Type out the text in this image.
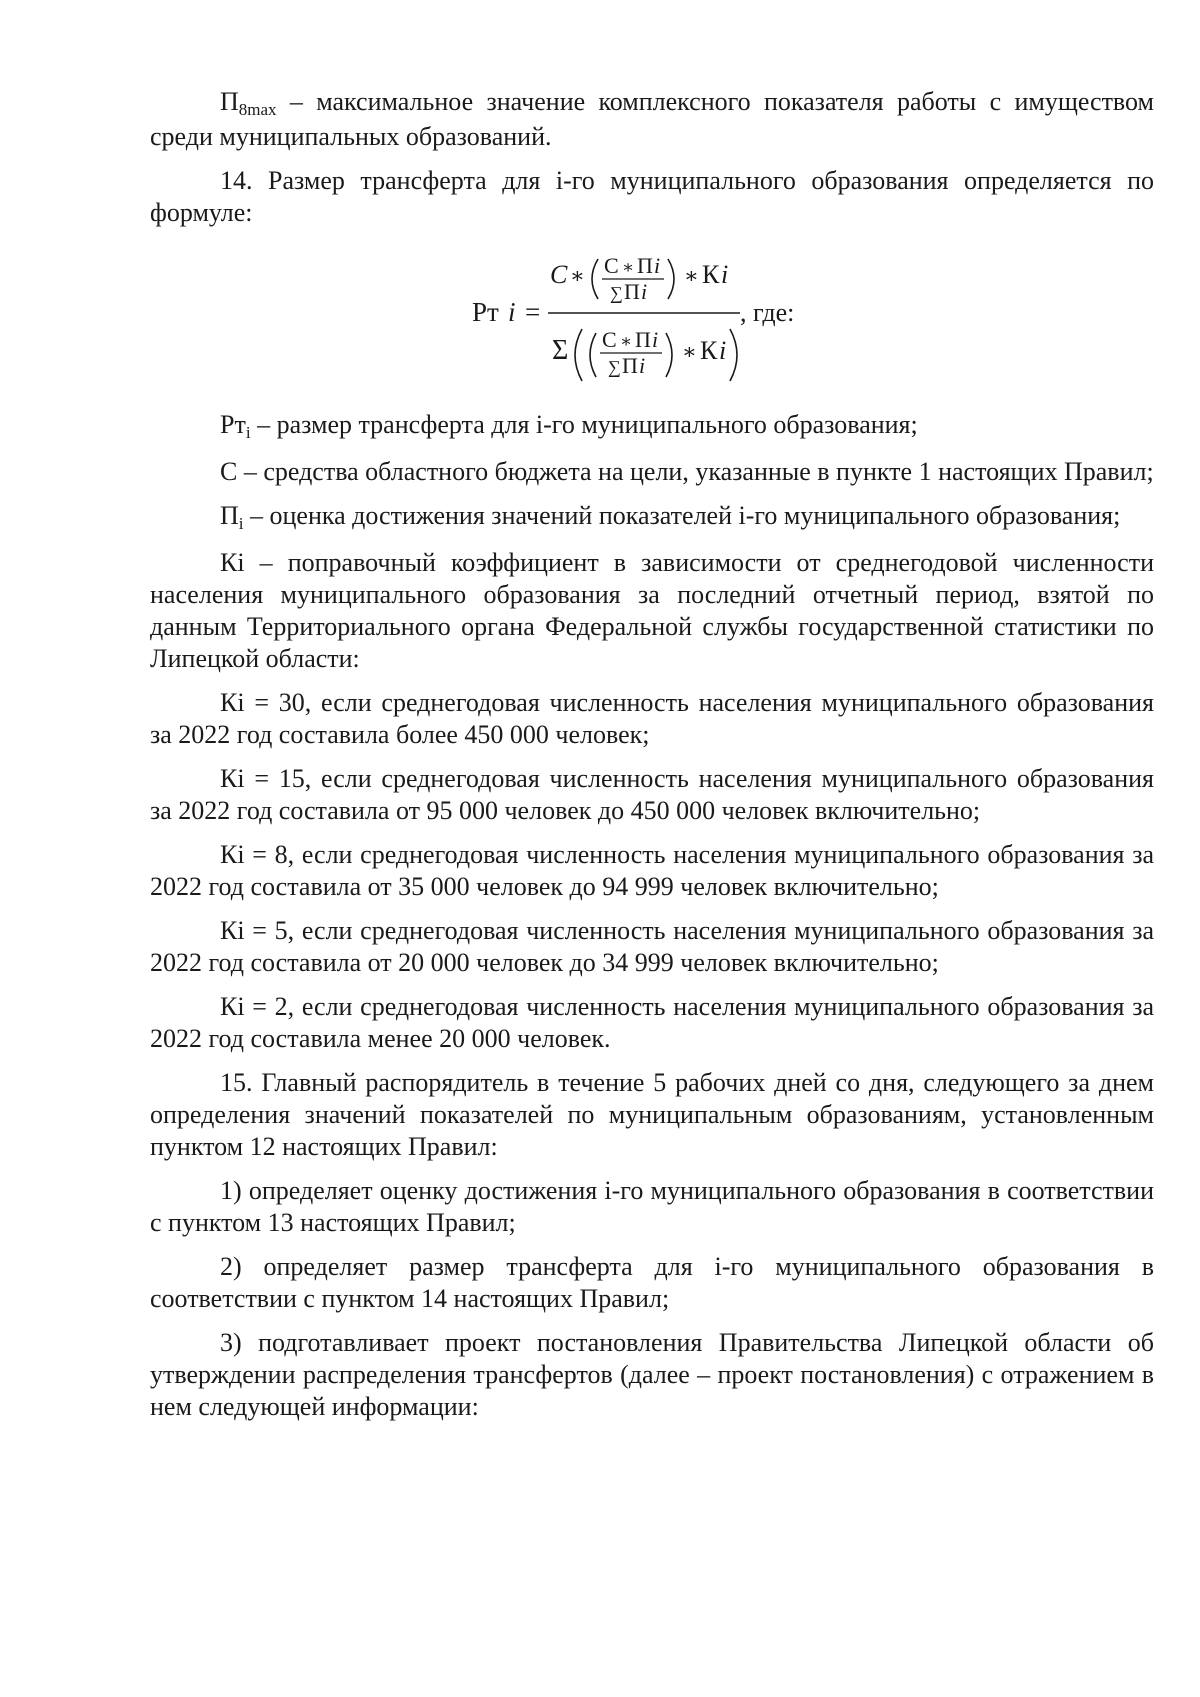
П8max – максимальное значение комплексного показателя работы с имуществом среди муниципальных образований.

14. Размер трансферта для i-го муниципального образования определяется по формуле:

Рт i =
C ∗ С ∗ П i
∑ П i
∗ К i
Σ С ∗ П i
∑ П i
∗ К i
, где:

Ртi – размер трансферта для i-го муниципального образования;

С – средства областного бюджета на цели, указанные в пункте 1 настоящих Правил;

Пi – оценка достижения значений показателей i-го муниципального образования;

Кi – поправочный коэффициент в зависимости от среднегодовой численности населения муниципального образования за последний отчетный период, взятой по данным Территориального органа Федеральной службы государственной статистики по Липецкой области:

Кi = 30, если среднегодовая численность населения муниципального образования за 2022 год составила более 450 000 человек;

Кi = 15, если среднегодовая численность населения муниципального образования за 2022 год составила от 95 000 человек до 450 000 человек включительно;

Кi = 8, если среднегодовая численность населения муниципального образования за 2022 год составила от 35 000 человек до 94 999 человек включительно;

Кi = 5, если среднегодовая численность населения муниципального образования за 2022 год составила от 20 000 человек до 34 999 человек включительно;

Кi = 2, если среднегодовая численность населения муниципального образования за 2022 год составила менее 20 000 человек.

15. Главный распорядитель в течение 5 рабочих дней со дня, следующего за днем определения значений показателей по муниципальным образованиям, установленным пунктом 12 настоящих Правил:

1) определяет оценку достижения i-го муниципального образования в соответствии с пунктом 13 настоящих Правил;

2) определяет размер трансферта для i-го муниципального образования в соответствии с пунктом 14 настоящих Правил;

3) подготавливает проект постановления Правительства Липецкой области об утверждении распределения трансфертов (далее – проект постановления) с отражением в нем следующей информации:
